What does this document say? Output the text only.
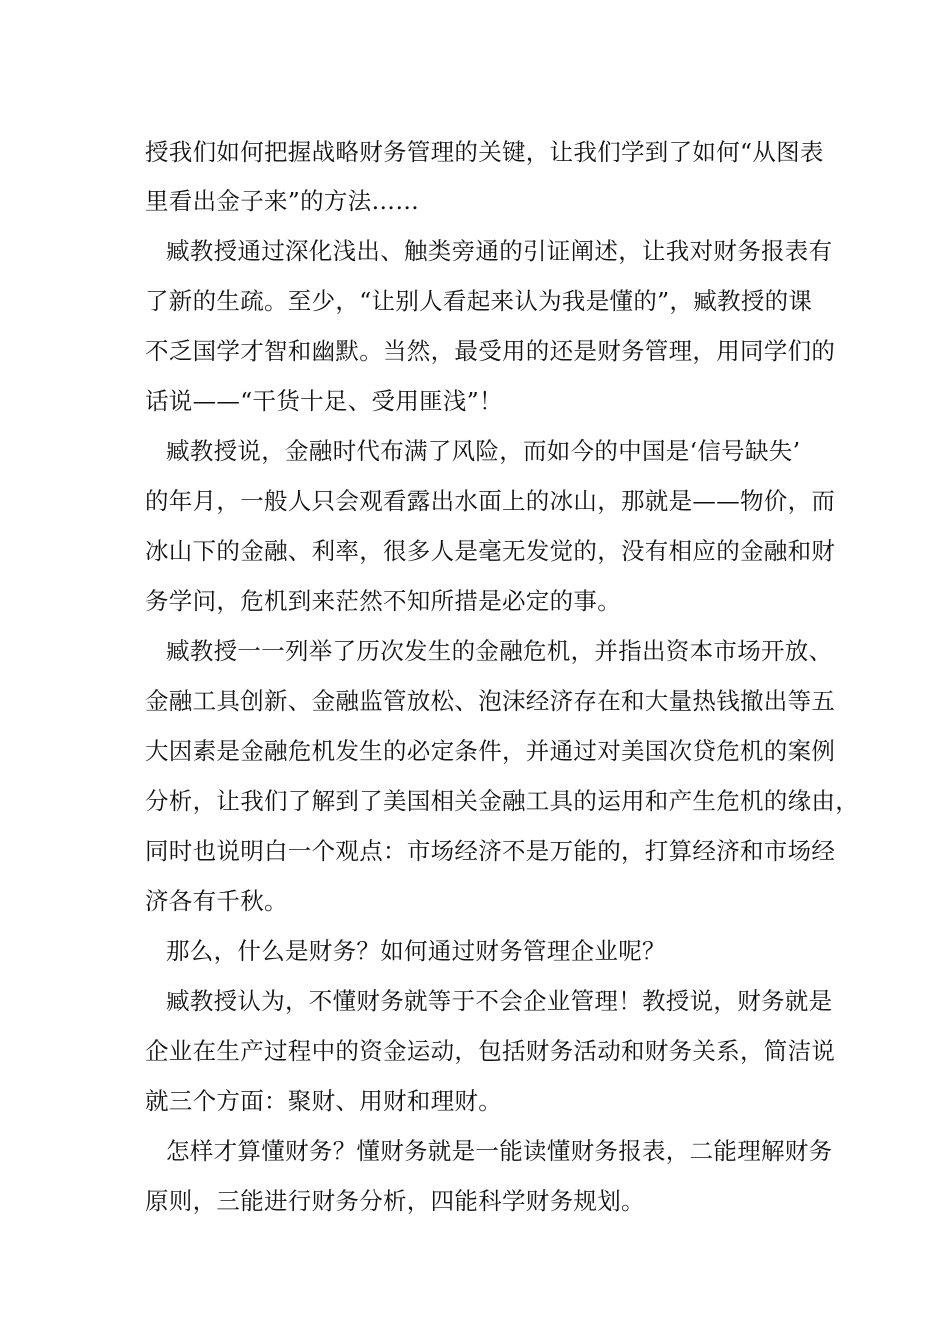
授我们如何把握战略财务管理的关键，让我们学到了如何“从图表
里看出金子来”的方法……
臧教授通过深化浅出、触类旁通的引证阐述，让我对财务报表有
了新的生疏。至少，“让别人看起来认为我是懂的”，臧教授的课
不乏国学才智和幽默。当然，最受用的还是财务管理，用同学们的
话说——“干货十足、受用匪浅”！
臧教授说，金融时代布满了风险，而如今的中国是‘信号缺失’
的年月，一般人只会观看露出水面上的冰山，那就是——物价，而
冰山下的金融、利率，很多人是毫无发觉的，没有相应的金融和财
务学问，危机到来茫然不知所措是必定的事。
臧教授一一列举了历次发生的金融危机，并指出资本市场开放、
金融工具创新、金融监管放松、泡沫经济存在和大量热钱撤出等五
大因素是金融危机发生的必定条件，并通过对美国次贷危机的案例
分析，让我们了解到了美国相关金融工具的运用和产生危机的缘由，
同时也说明白一个观点：市场经济不是万能的，打算经济和市场经
济各有千秋。
那么，什么是财务？如何通过财务管理企业呢？
臧教授认为，不懂财务就等于不会企业管理！教授说，财务就是
企业在生产过程中的资金运动，包括财务活动和财务关系，简洁说
就三个方面：聚财、用财和理财。
怎样才算懂财务？懂财务就是一能读懂财务报表，二能理解财务
原则，三能进行财务分析，四能科学财务规划。
